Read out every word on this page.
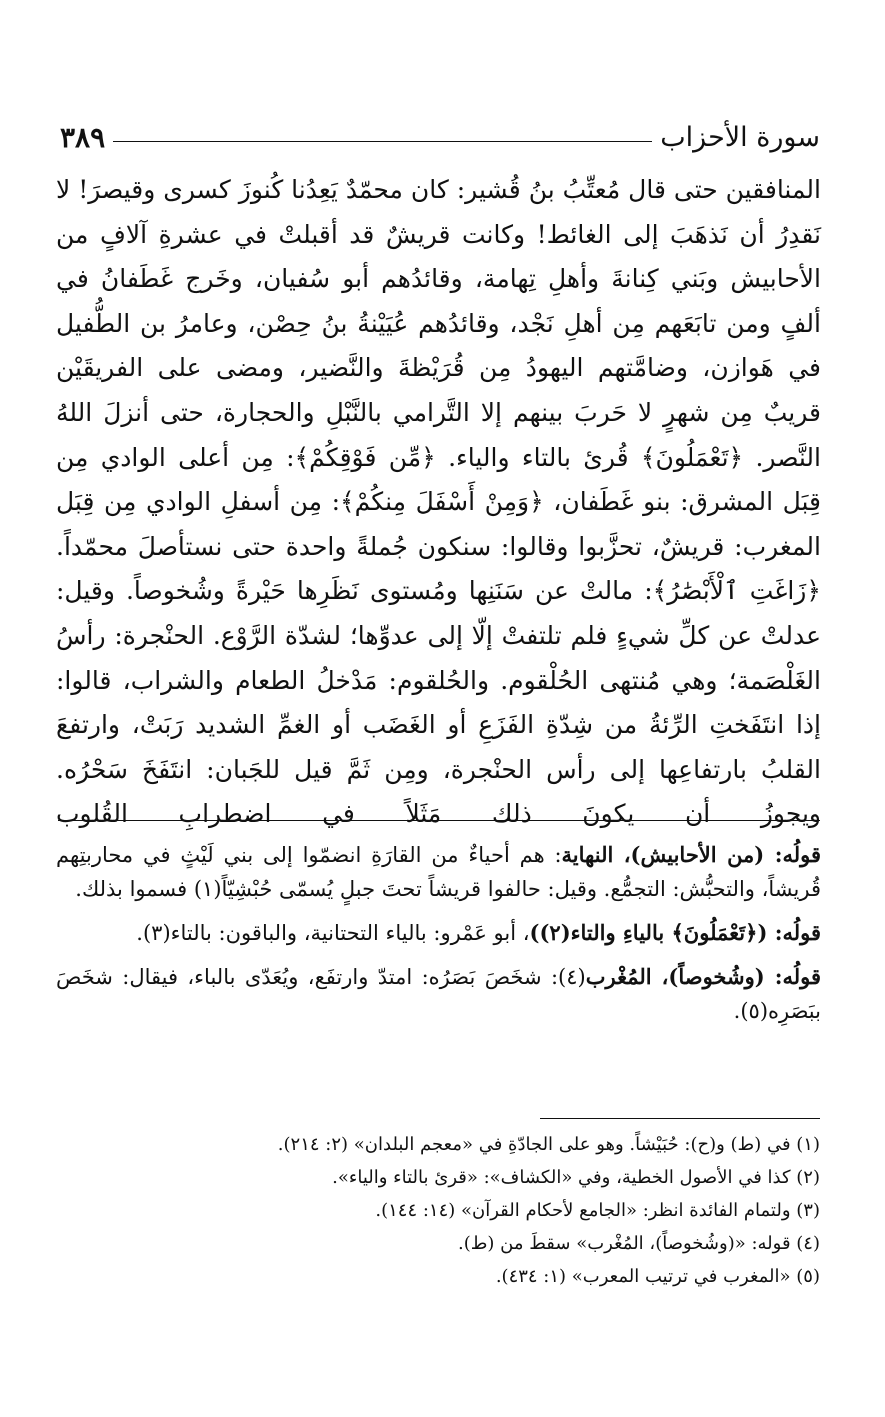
سورة الأحزاب
٣٨٩

المنافقين حتى قال مُعتِّبُ بنُ قُشير: كان محمّدٌ يَعِدُنا كُنوزَ كسرى وقيصرَ! لا نَقدِرُ أن نَذهَبَ إلى الغائط! وكانت قريشٌ قد أقبلتْ في عشرةِ آلافٍ من الأحابيش وبَني كِنانةَ وأهلِ تِهامة، وقائدُهم أبو سُفيان، وخَرج غَطَفانُ في ألفٍ ومن تابَعَهم مِن أهلِ نَجْد، وقائدُهم عُيَيْنةُ بنُ حِصْن، وعامرُ بن الطُّفيل في هَوازن، وضامَّتهم اليهودُ مِن قُرَيْظةَ والنَّضير، ومضى على الفريقَيْن قريبٌ مِن شهرٍ لا حَربَ بينهم إلا التَّرامي بالنَّبْلِ والحجارة، حتى أنزلَ اللهُ النَّصر. ﴿تَعْمَلُونَ﴾ قُرئ بالتاء والياء. ﴿مِّن فَوْقِكُمْ﴾: مِن أعلى الوادي مِن قِبَل المشرق: بنو غَطَفان، ﴿وَمِنْ أَسْفَلَ مِنكُمْ﴾: مِن أسفلِ الوادي مِن قِبَل المغرب: قريشٌ، تحزَّبوا وقالوا: سنكون جُملةً واحدة حتى نستأصلَ محمّداً. ﴿زَاغَتِ ٱلْأَبْصَٰرُ﴾: مالتْ عن سَنَنِها ومُستوى نَظَرِها حَيْرةً وشُخوصاً. وقيل: عدلتْ عن كلِّ شيءٍ فلم تلتفتْ إلّا إلى عدوِّها؛ لشدّة الرَّوْع. الحنْجرة: رأسُ الغَلْصَمة؛ وهي مُنتهى الحُلْقوم. والحُلقوم: مَدْخلُ الطعام والشراب، قالوا: إذا انتَفَختِ الرِّئةُ من شِدّةِ الفَزَعِ أو الغَضَب أو الغمِّ الشديد رَبَتْ، وارتفعَ القلبُ بارتفاعِها إلى رأس الحنْجرة، ومِن ثَمَّ قيل للجَبان: انتَفَخَ سَحْرُه. ويجوزُ أن يكونَ ذلك مَثَلاً في اضطرابِ القُلوب

قولُه: (من الأحابيش)، النهاية: هم أحياءٌ من القارَةِ انضمّوا إلى بني لَيْثٍ في محاربتِهم قُريشاً، والتحبُّش: التجمُّع. وقيل: حالفوا قريشاً تحتَ جبلٍ يُسمّى حُبْشِيّاً(١) فسموا بذلك.

قولُه: (﴿تَعْمَلُونَ﴾ بالياءِ والتاء(٢))، أبو عَمْرو: بالياء التحتانية، والباقون: بالتاء(٣).

قولُه: (وشُخوصاً)، المُغْرب(٤): شخَصَ بَصَرُه: امتدّ وارتفَع، ويُعَدّى بالباء، فيقال: شخَصَ ببَصَرِه(٥).

(١) في (ط) و(ح): حُبَيْشاً. وهو على الجادّةِ في «معجم البلدان» (٢: ٢١٤).
(٢) كذا في الأصول الخطية، وفي «الكشاف»: «قرئ بالتاء والياء».
(٣) ولتمام الفائدة انظر: «الجامع لأحكام القرآن» (١٤: ١٤٤).
(٤) قوله: «(وشُخوصاً)، المُغْرب» سقطَ من (ط).
(٥) «المغرب في ترتيب المعرب» (١: ٤٣٤).
